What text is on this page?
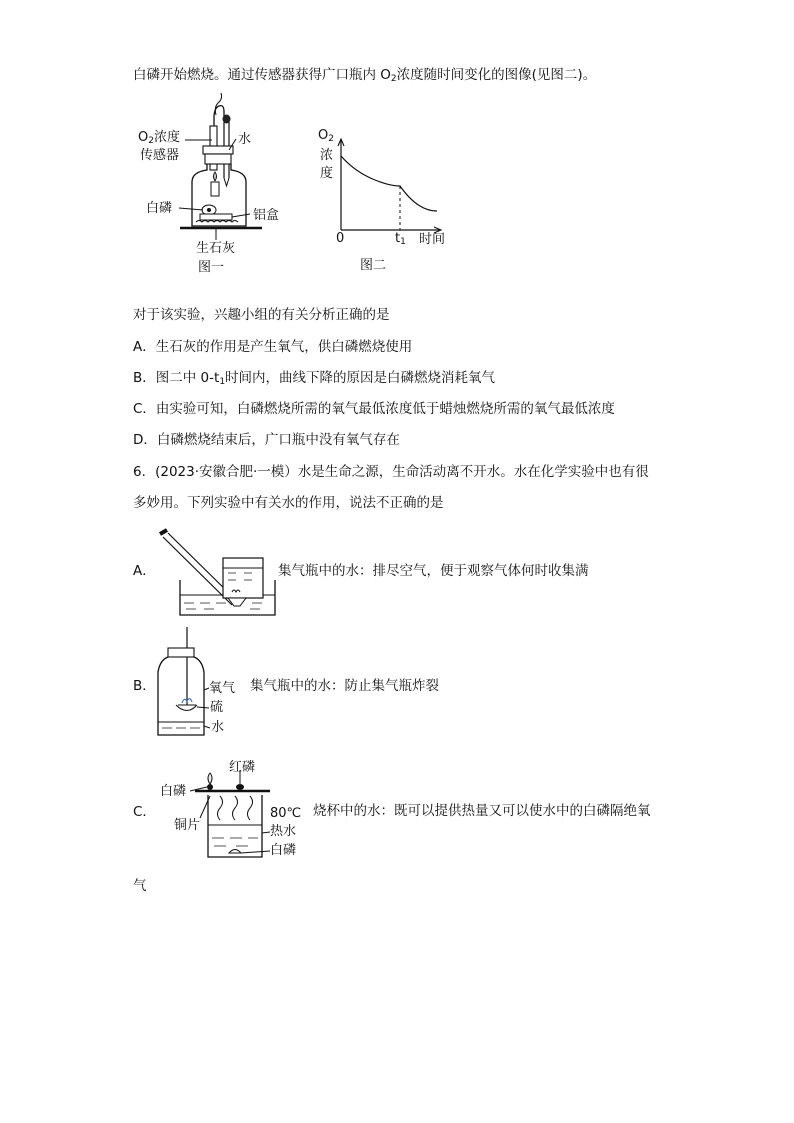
白磷开始燃烧。通过传感器获得广口瓶内 $O_2$浓度随时间变化的图像(见图二)。
$O_2$浓度
传感器
水
白磷	铝盒
生石灰
图一
$O_2$
浓
度
0	$t_1$ 时间
图二
对于该实验，兴趣小组的有关分析正确的是
A．生石灰的作用是产生氧气，供白磷燃烧使用
B．图二中 $0-t_1$时间内，曲线下降的原因是白磷燃烧消耗氧气
C．由实验可知，白磷燃烧所需的氧气最低浓度低于蜡烛燃烧所需的氧气最低浓度
D．白磷燃烧结束后，广口瓶中没有氧气存在
6．(2023·安徽合肥·一模）水是生命之源，生命活动离不开水。水在化学实验中也有很
多妙用。下列实验中有关水的作用，说法不正确的是
A．	集气瓶中的水：排尽空气，便于观察气体何时收集满
B．	氧气
硫
水
集气瓶中的水：防止集气瓶炸裂
C．
红磷
白磷
铜片
80℃
热水
白磷
烧杯中的水：既可以提供热量又可以使水中的白磷隔绝氧
气
